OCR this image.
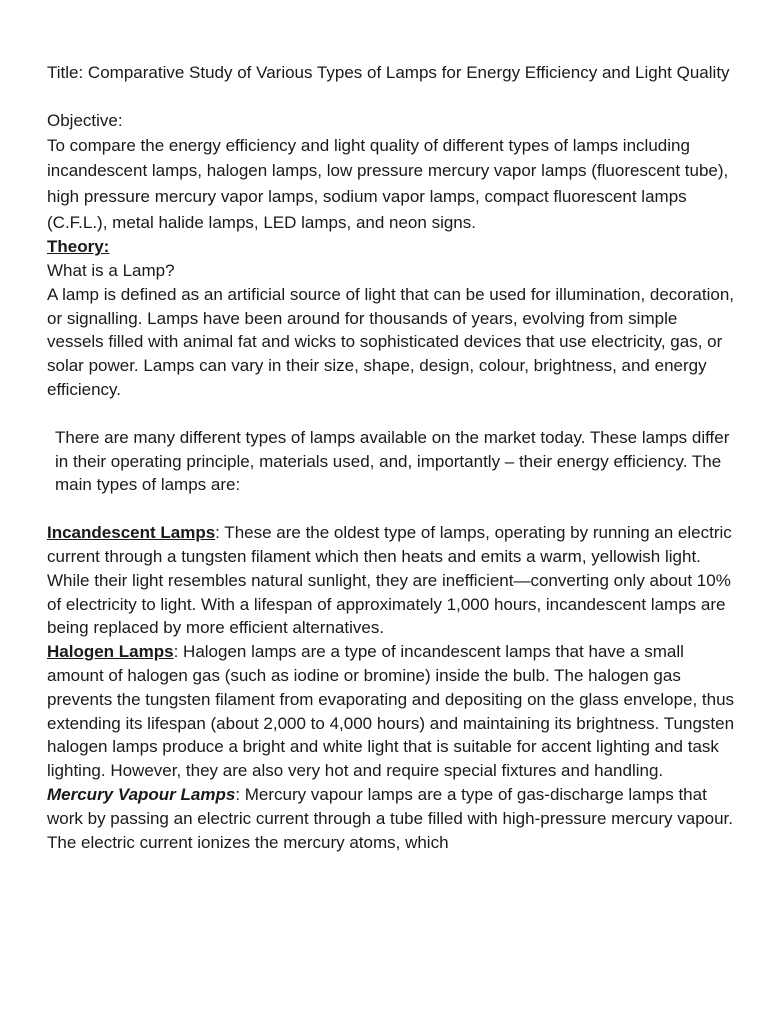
Title: Comparative Study of Various Types of Lamps for Energy Efficiency and Light Quality

Objective:

To compare the energy efficiency and light quality of different types of lamps including incandescent lamps, halogen lamps, low pressure mercury vapor lamps (fluorescent tube), high pressure mercury vapor lamps, sodium vapor lamps, compact fluorescent lamps (C.F.L.), metal halide lamps, LED lamps, and neon signs.

Theory:

What is a Lamp?

A lamp is defined as an artificial source of light that can be used for illumination, decoration, or signalling. Lamps have been around for thousands of years, evolving from simple vessels filled with animal fat and wicks to sophisticated devices that use electricity, gas, or solar power. Lamps can vary in their size, shape, design, colour, brightness, and energy efficiency.

There are many different types of lamps available on the market today. These lamps differ in their operating principle, materials used, and, importantly – their energy efficiency. The main types of lamps are:

Incandescent Lamps: These are the oldest type of lamps, operating by running an electric current through a tungsten filament which then heats and emits a warm, yellowish light. While their light resembles natural sunlight, they are inefficient—converting only about 10% of electricity to light. With a lifespan of approximately 1,000 hours, incandescent lamps are being replaced by more efficient alternatives.

Halogen Lamps: Halogen lamps are a type of incandescent lamps that have a small amount of halogen gas (such as iodine or bromine) inside the bulb. The halogen gas prevents the tungsten filament from evaporating and depositing on the glass envelope, thus extending its lifespan (about 2,000 to 4,000 hours) and maintaining its brightness. Tungsten halogen lamps produce a bright and white light that is suitable for accent lighting and task lighting. However, they are also very hot and require special fixtures and handling.

Mercury Vapour Lamps: Mercury vapour lamps are a type of gas-discharge lamps that work by passing an electric current through a tube filled with high-pressure mercury vapour. The electric current ionizes the mercury atoms, which
